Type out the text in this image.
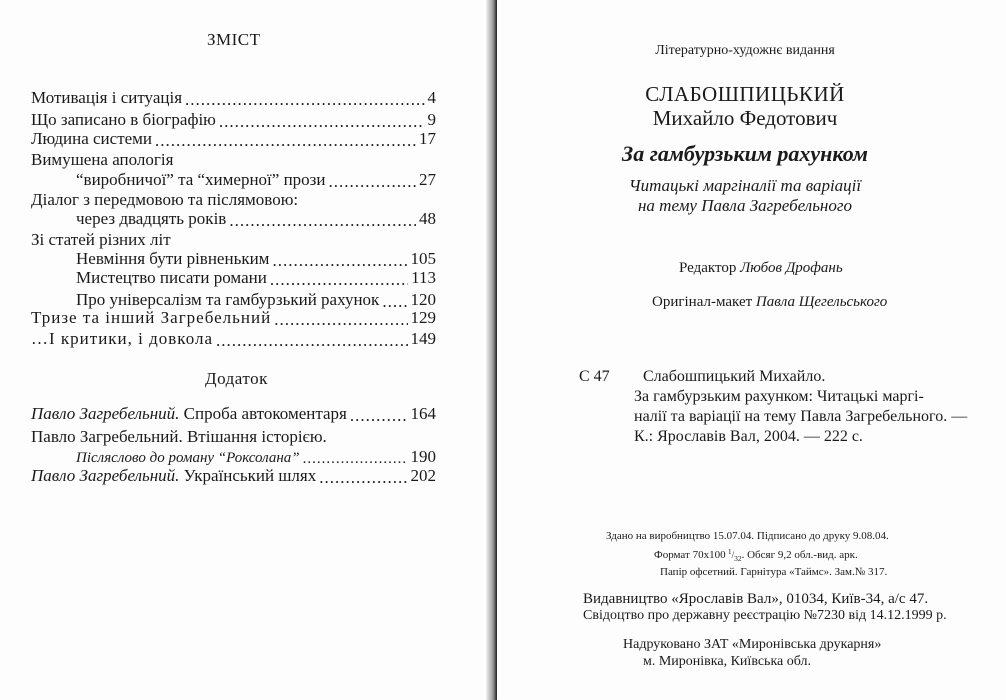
ЗМІСТ
Мотивація і ситуація .....	4
Що записано в біографію .....	9
Людина системи .....	17
Вимушена апологія
“виробничої” та “химерної” прози .....	27
Діалог з передмовою та післямовою:
через двадцять років .....	48
Зі статей різних літ
Невміння бути рівненьким .....	105
Мистецтво писати романи .....	113
Про універсалізм та гамбурзький рахунок ..... 120
Тризе та інший Загребельний .....	129
…І критики, і довкола .....	149
Додаток
Павло Загребельний. Спроба автокоментаря .....	164
Павло Загребельний. Втішання історією.
Післяслово до роману “Роксолана” .....	190
Павло Загребельний. Український шлях .....	202
Літературно-художнє видання
СЛАБОШПИЦЬКИЙ
Михайло Федотович
За гамбурзьким рахунком
Читацькі маргіналії та варіації
на тему Павла Загребельного
Редактор Любов Дрофань
Оригінал-макет Павла Щегельського
С 47 Слабошпицький Михайло.
За гамбурзьким рахунком: Читацькі маргі-
налії та варіації на тему Павла Загребельного. —
К.: Ярославів Вал, 2004. — 222 с.
Здано на виробництво 15.07.04. Підписано до друку 9.08.04.
Формат 70x100 $^1/_{32}$. Обсяг 9,2 обл.-вид. арк.
Папір офсетний. Гарнітура «Таймс». Зам.№ 317.
Видавництво «Ярославів Вал», 01034, Київ-34, а/с 47.
Свідоцтво про державну реєстрацію №7230 від 14.12.1999 р.
Надруковано ЗАТ «Миронівська друкарня»
м. Миронівка, Київська обл.
